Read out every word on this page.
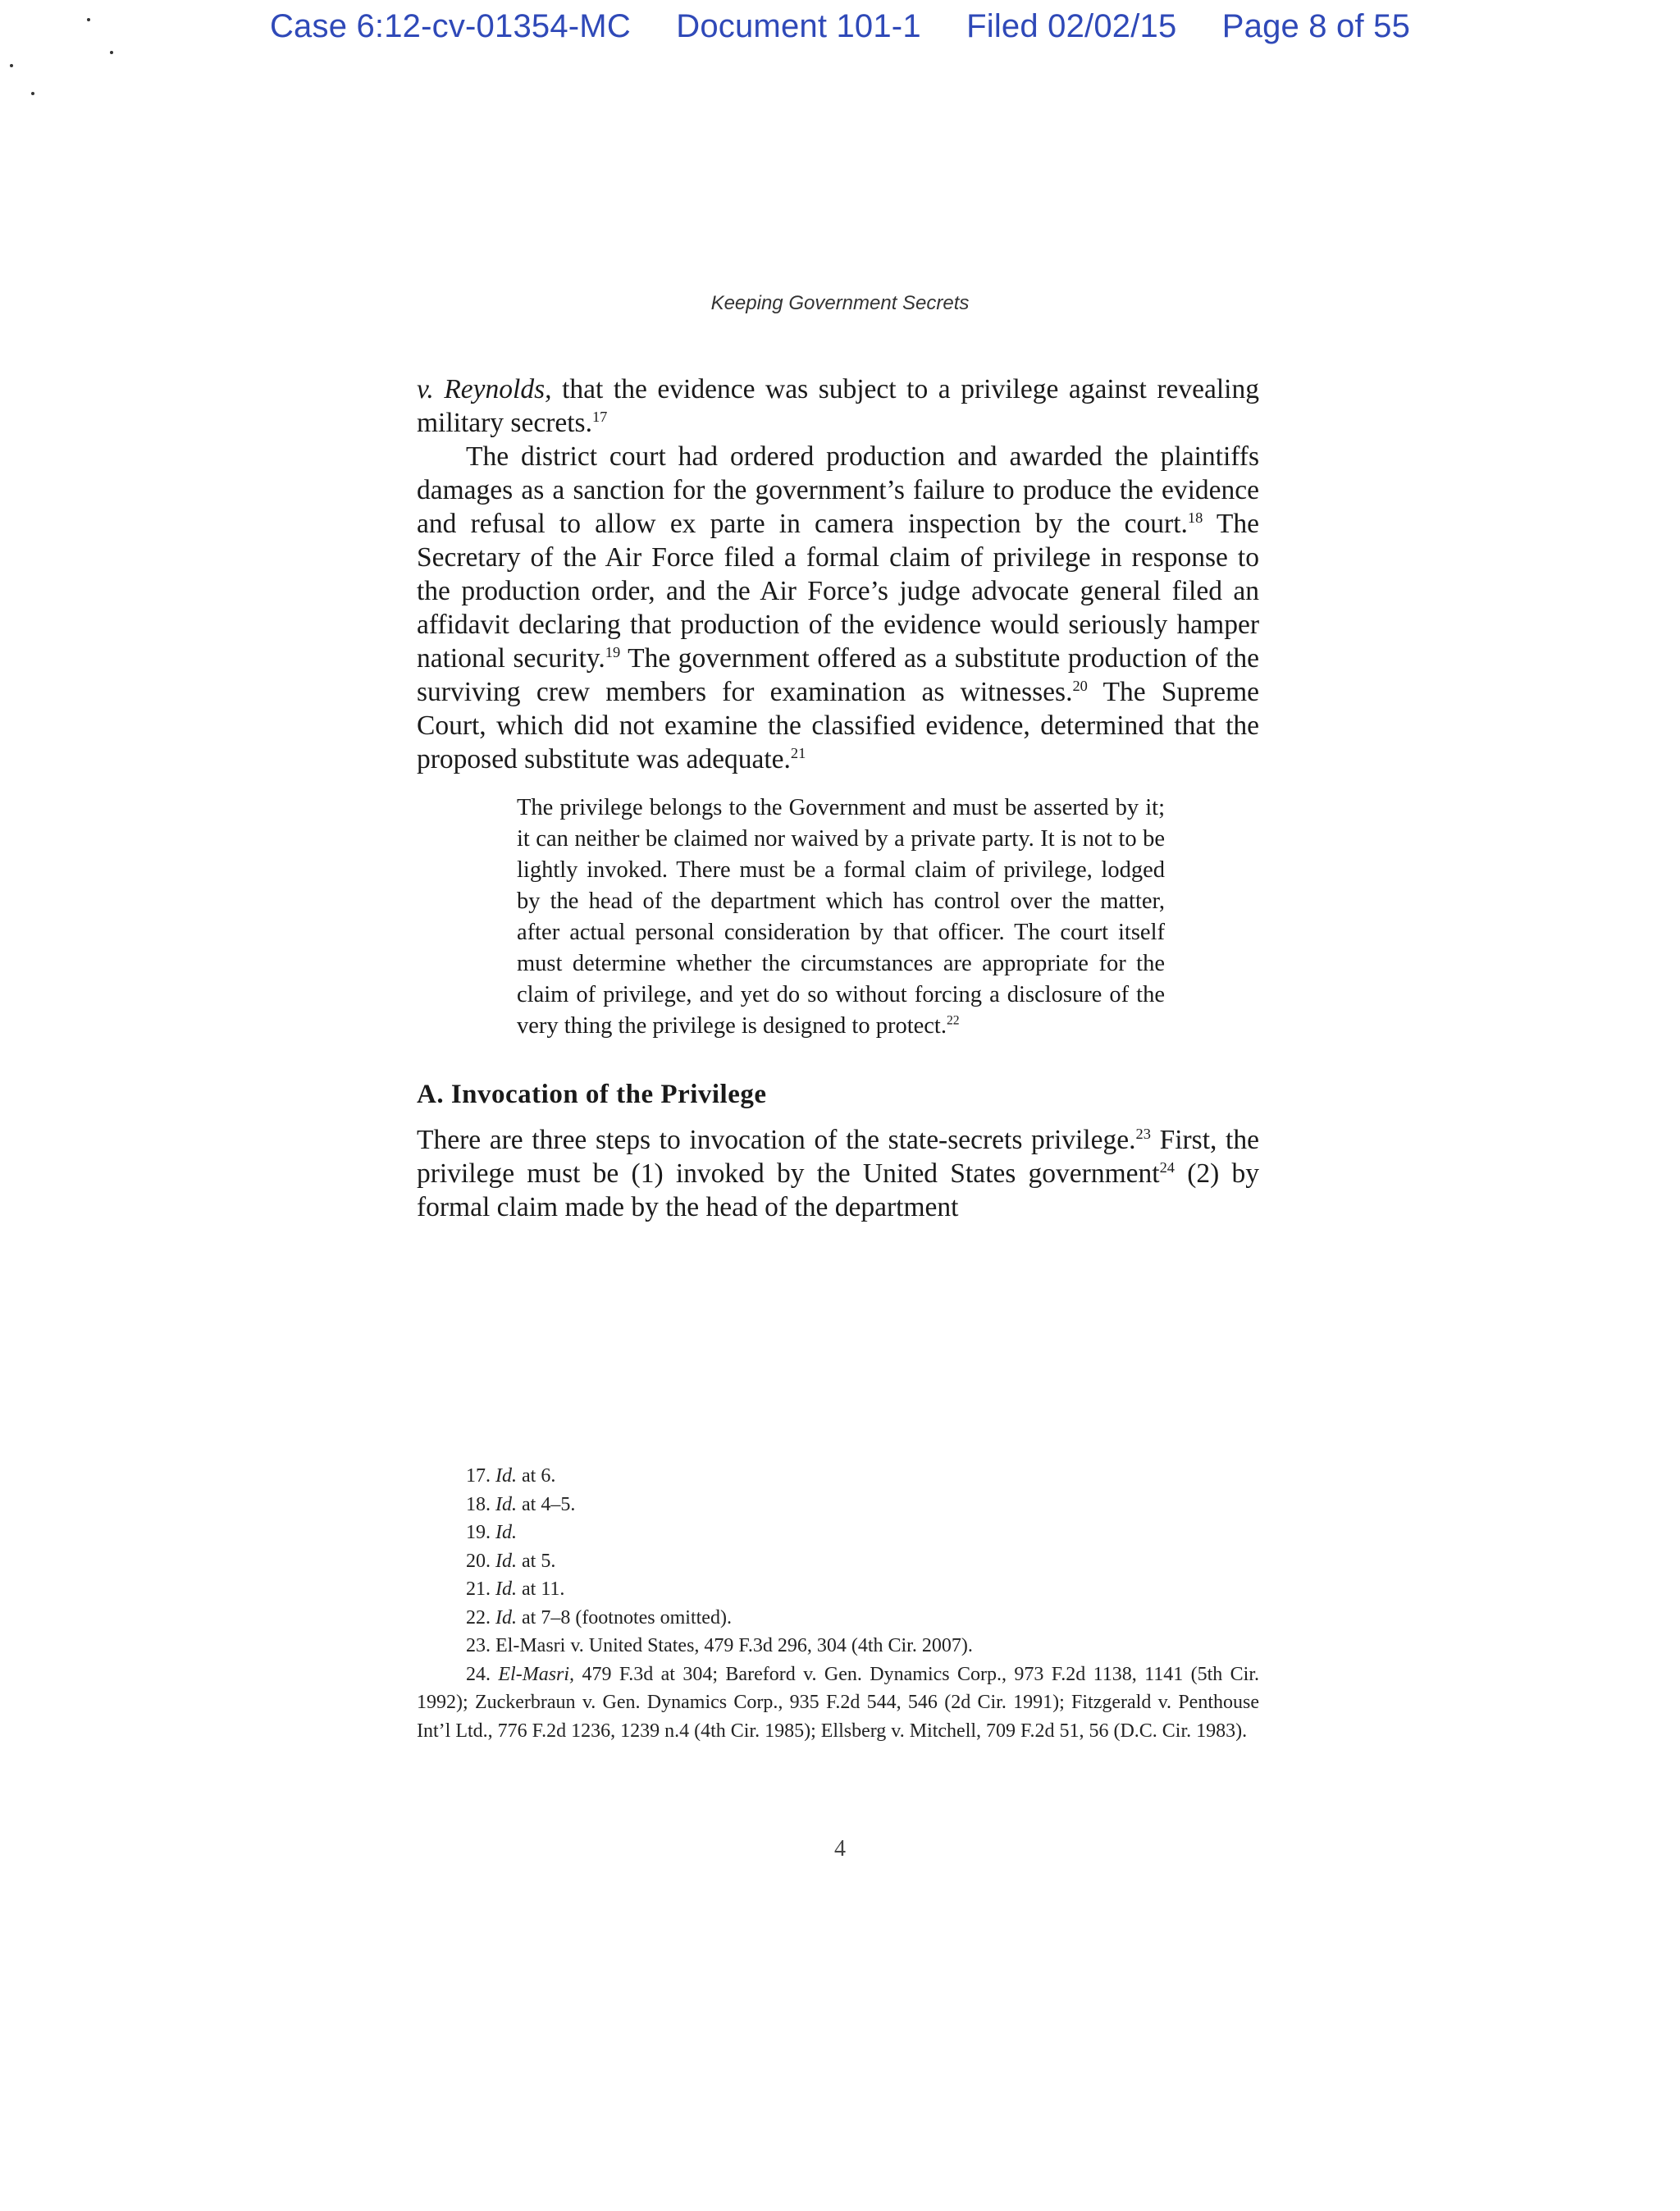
Case 6:12-cv-01354-MC Document 101-1 Filed 02/02/15 Page 8 of 55
Keeping Government Secrets

v. Reynolds, that the evidence was subject to a privilege against revealing military secrets.$^{17}$

The district court had ordered production and awarded the plaintiffs damages as a sanction for the government’s failure to produce the evidence and refusal to allow ex parte in camera inspection by the court.$^{18}$ The Secretary of the Air Force filed a formal claim of privilege in response to the production order, and the Air Force’s judge advocate general filed an affidavit declaring that production of the evidence would seriously hamper national security.$^{19}$ The government offered as a substitute production of the surviving crew members for examination as witnesses.$^{20}$ The Supreme Court, which did not examine the classified evidence, determined that the proposed substitute was adequate.$^{21}$

The privilege belongs to the Government and must be asserted by it; it can neither be claimed nor waived by a private party. It is not to be lightly invoked. There must be a formal claim of privilege, lodged by the head of the department which has control over the matter, after actual personal consideration by that officer. The court itself must determine whether the circumstances are appropriate for the claim of privilege, and yet do so without forcing a disclosure of the very thing the privilege is designed to protect.$^{22}$
A. Invocation of the Privilege

There are three steps to invocation of the state-secrets privilege.$^{23}$ First, the privilege must be (1) invoked by the United States government$^{24}$ (2) by formal claim made by the head of the department

17. Id. at 6.

18. Id. at 4–5.

19. Id.

20. Id. at 5.

21. Id. at 11.

22. Id. at 7–8 (footnotes omitted).

23. El-Masri v. United States, 479 F.3d 296, 304 (4th Cir. 2007).

24. El-Masri, 479 F.3d at 304; Bareford v. Gen. Dynamics Corp., 973 F.2d 1138, 1141 (5th Cir. 1992); Zuckerbraun v. Gen. Dynamics Corp., 935 F.2d 544, 546 (2d Cir. 1991); Fitzgerald v. Penthouse Int’l Ltd., 776 F.2d 1236, 1239 n.4 (4th Cir. 1985); Ellsberg v. Mitchell, 709 F.2d 51, 56 (D.C. Cir. 1983).

4
